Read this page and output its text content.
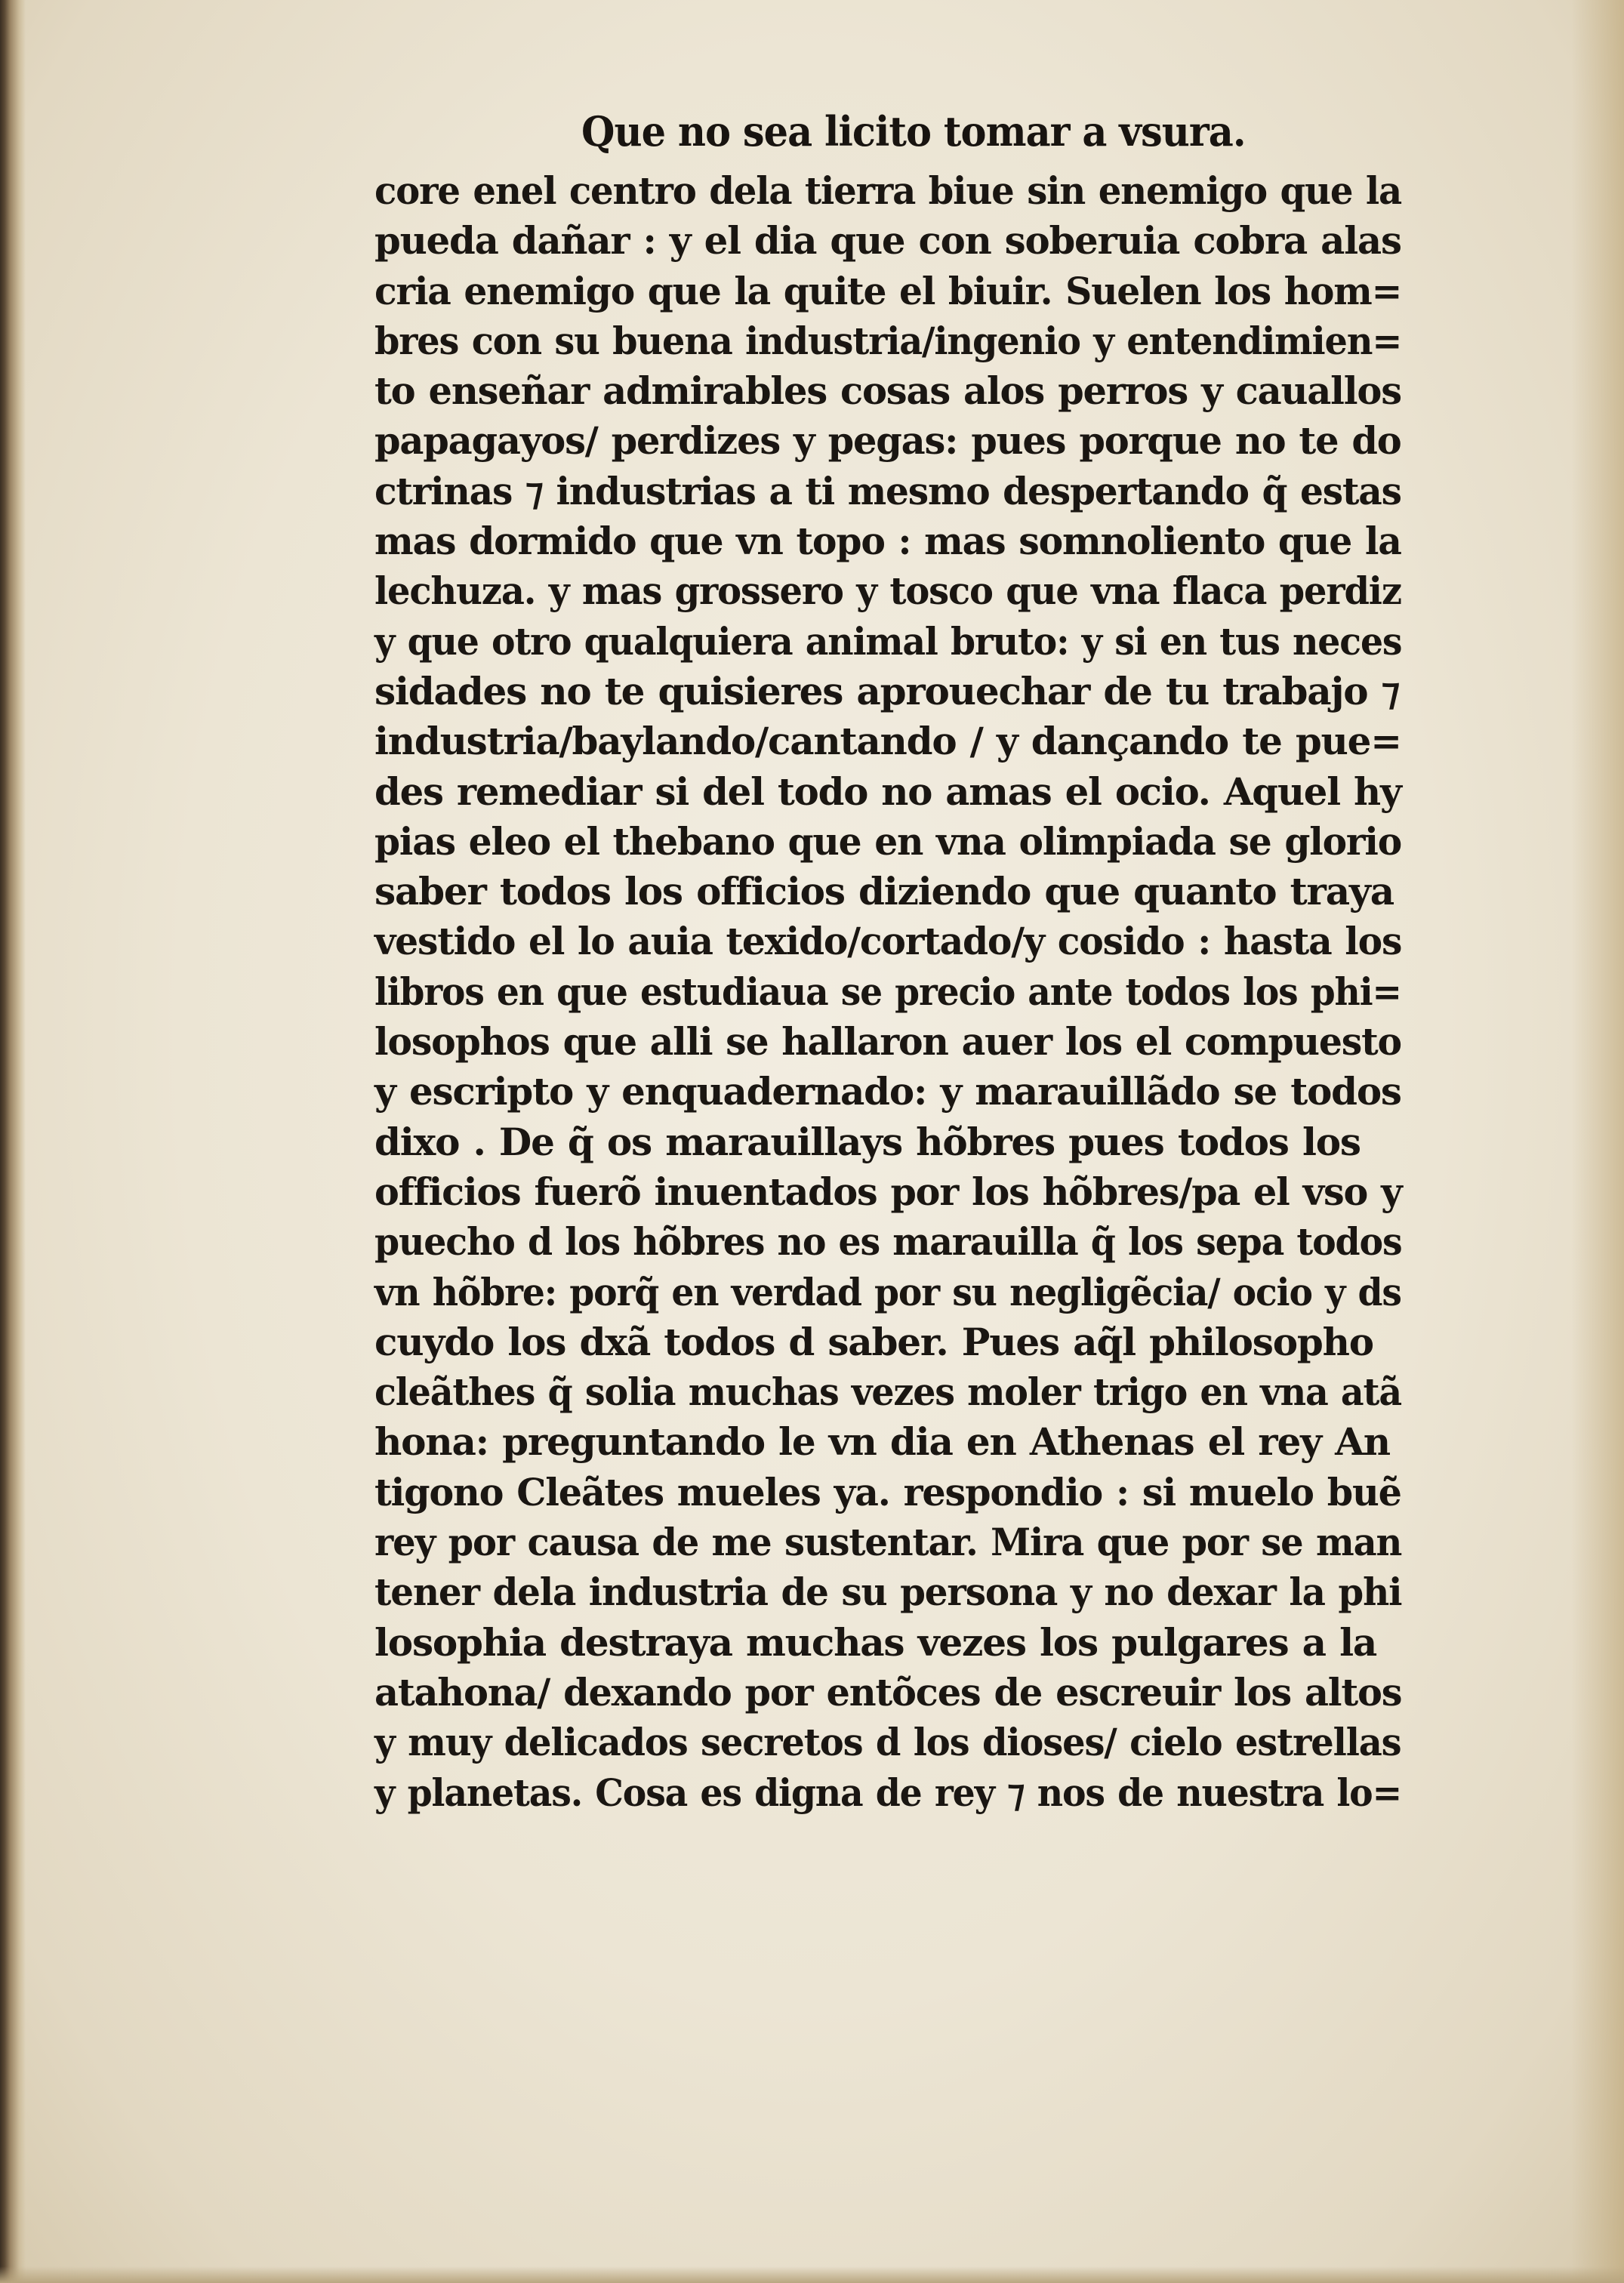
Que no sea licito tomar a vsura.
core enel centro dela tierra biue sin enemigo que la
pueda dañar : y el dia que con soberuia cobra alas
cria enemigo que la quite el biuir. Suelen los hom=
bres con su buena industria/ingenio y entendimien=
to enseñar admirables cosas alos perros y cauallos
papagayos/ perdizes y pegas: pues porque no te do
ctrinas ⁊ industrias a ti mesmo despertando q̃ estas
mas dormido que vn topo : mas somnoliento que la
lechuza. y mas grossero y tosco que vna flaca perdiz
y que otro qualquiera animal bruto: y si en tus neces
sidades no te quisieres aprouechar de tu trabajo ⁊
industria/baylando/cantando / y dançando te pue=
des remediar si del todo no amas el ocio. Aquel hy
pias eleo el thebano que en vna olimpiada se glorio
saber todos los officios diziendo que quanto traya
vestido el lo auia texido/cortado/y cosido : hasta los
libros en que estudiaua se precio ante todos los phi=
losophos que alli se hallaron auer los el compuesto
y escripto y enquadernado: y marauillãdo se todos
dixo . De q̃ os marauillays hõbres pues todos los
officios fuerõ inuentados por los hõbres/pa el vso y
puecho d los hõbres no es marauilla q̃ los sepa todos
vn hõbre: porq̃ en verdad por su negligẽcia/ ocio y ds
cuydo los dxã todos d saber. Pues aq̃l philosopho
cleãthes q̃ solia muchas vezes moler trigo en vna atã
hona: preguntando le vn dia en Athenas el rey An
tigono Cleãtes mueles ya. respondio : si muelo buẽ
rey por causa de me sustentar. Mira que por se man
tener dela industria de su persona y no dexar la phi
losophia destraya muchas vezes los pulgares a la
atahona/ dexando por entõces de escreuir los altos
y muy delicados secretos d los dioses/ cielo estrellas
y planetas. Cosa es digna de rey ⁊ nos de nuestra lo=
